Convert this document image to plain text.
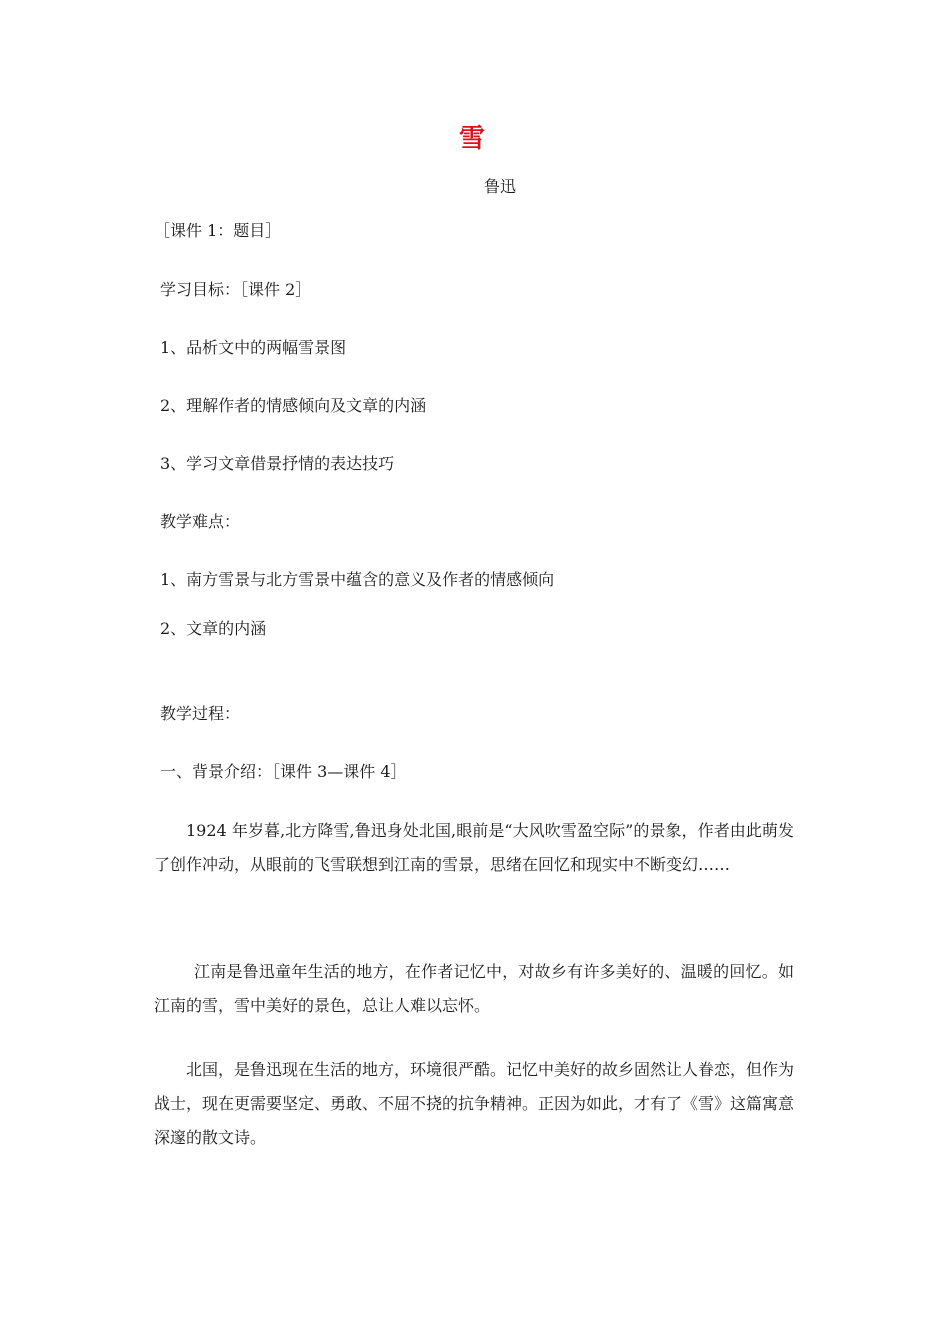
雪
鲁迅
［课件 1：题目］
学习目标：［课件 2］
1、品析文中的两幅雪景图
2、理解作者的情感倾向及文章的内涵
3、学习文章借景抒情的表达技巧
教学难点：
1、南方雪景与北方雪景中蕴含的意义及作者的情感倾向
2、文章的内涵
教学过程：
一、背景介绍：［课件 3—课件 4］
1924 年岁暮,北方降雪,鲁迅身处北国,眼前是“大风吹雪盈空际”的景象，作者由此萌发了创作冲动，从眼前的飞雪联想到江南的雪景，思绪在回忆和现实中不断变幻……
江南是鲁迅童年生活的地方，在作者记忆中，对故乡有许多美好的、温暖的回忆。如江南的雪，雪中美好的景色，总让人难以忘怀。
北国，是鲁迅现在生活的地方，环境很严酷。记忆中美好的故乡固然让人眷恋，但作为战士，现在更需要坚定、勇敢、不屈不挠的抗争精神。正因为如此，才有了《雪》这篇寓意深邃的散文诗。
